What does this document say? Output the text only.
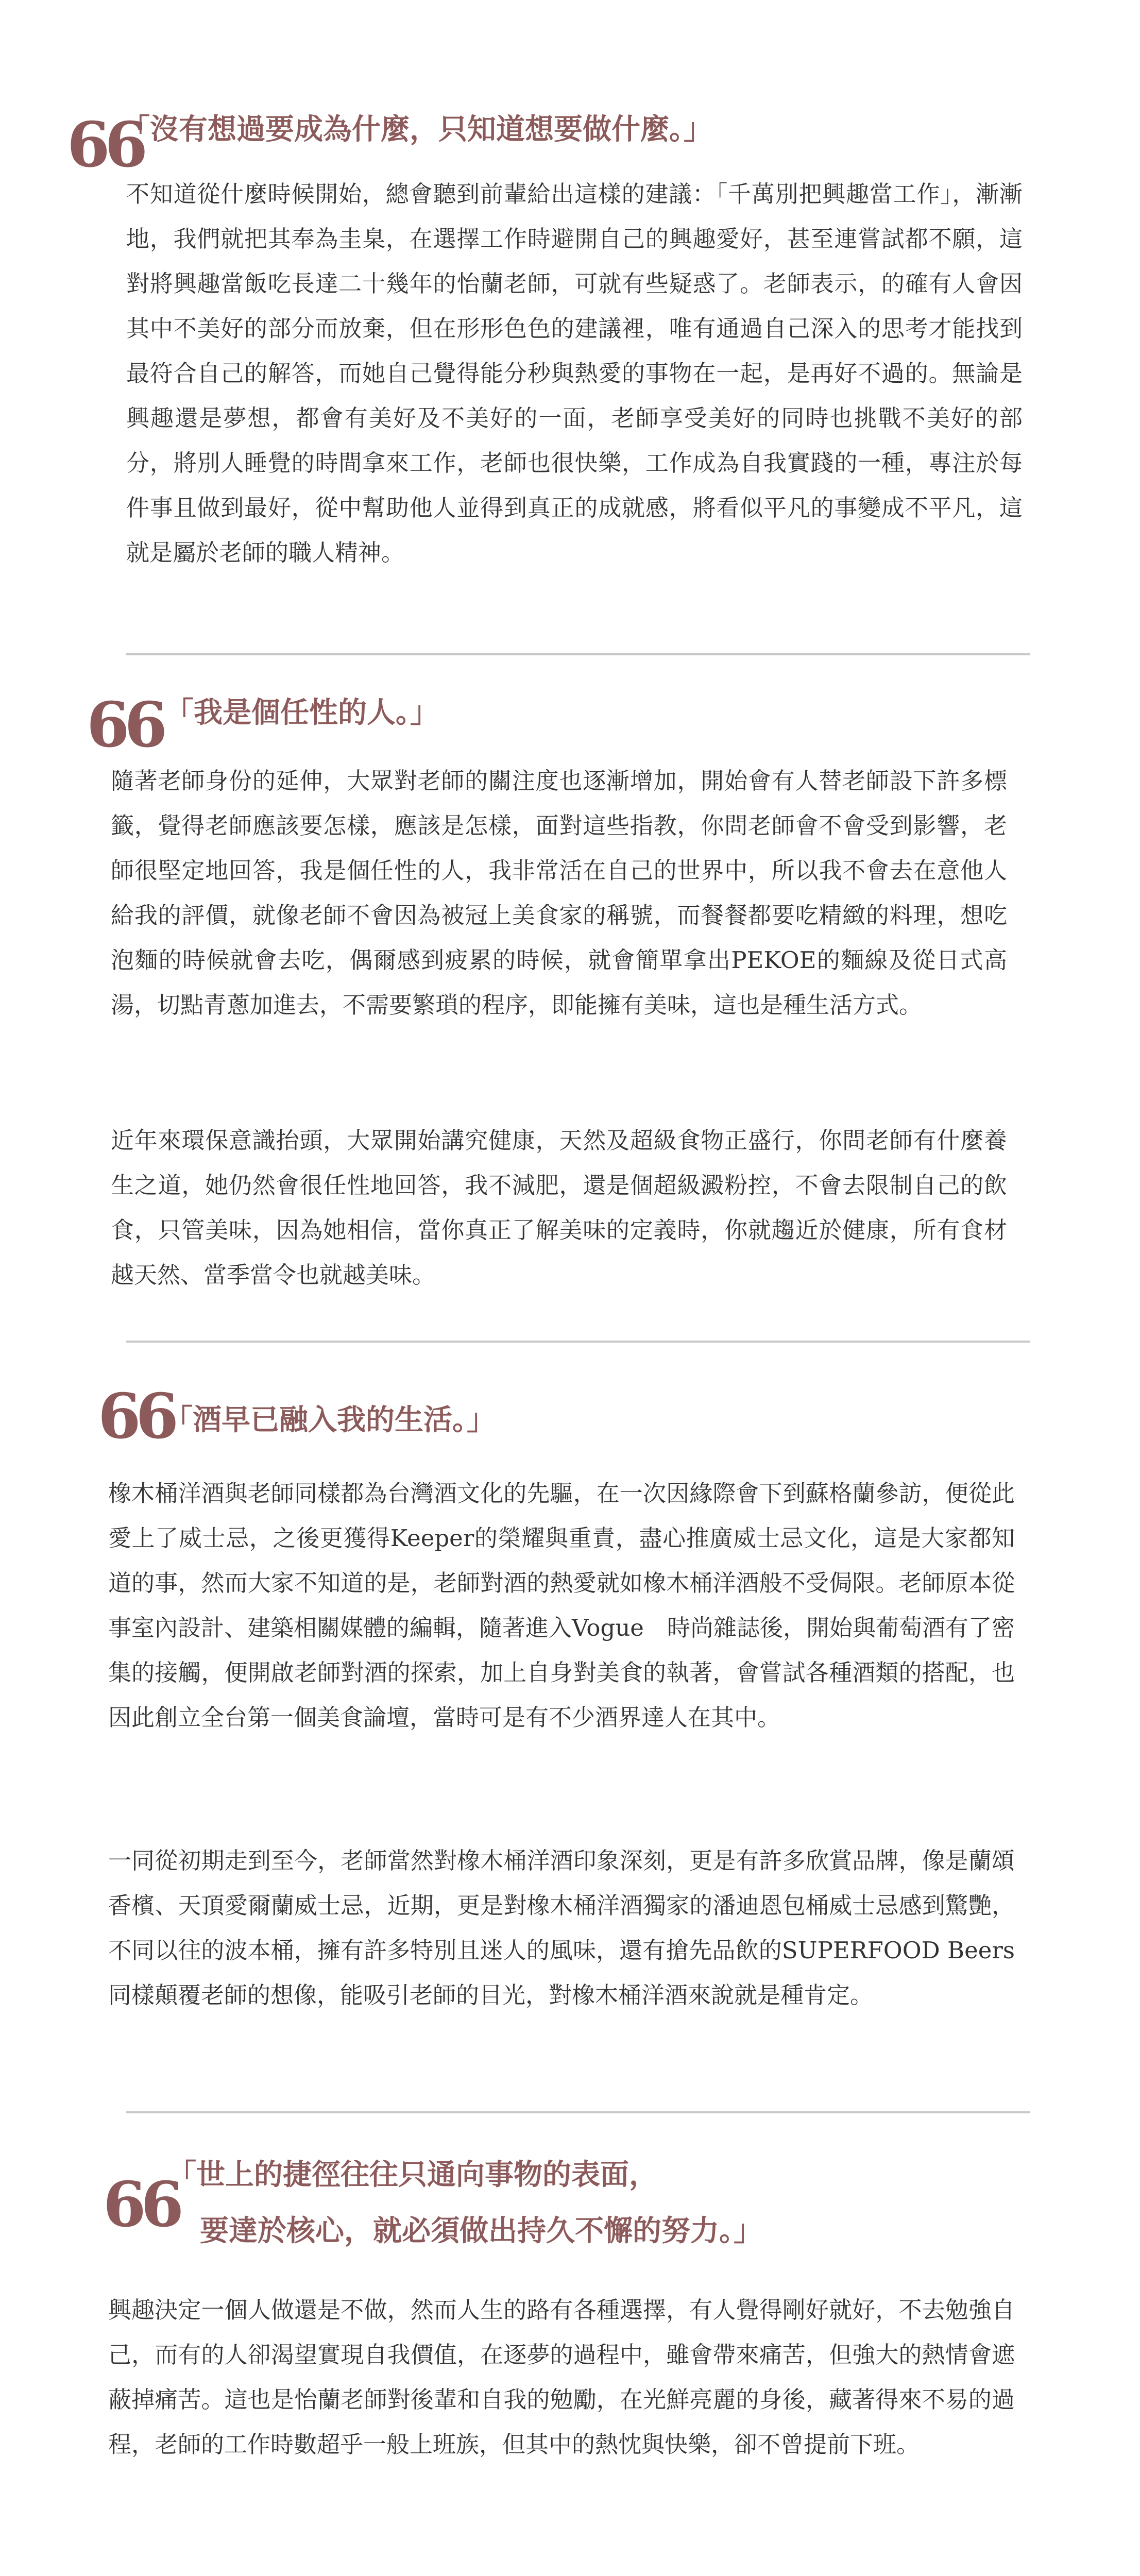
66
「沒有想過要成為什麼，只知道想要做什麼。」

不知道從什麼時候開始，總會聽到前輩給出這樣的建議：「千萬別把興趣當工作」，漸漸地，我們就把其奉為圭臬，在選擇工作時避開自己的興趣愛好，甚至連嘗試都不願，這對將興趣當飯吃長達二十幾年的怡蘭老師，可就有些疑惑了。老師表示，的確有人會因其中不美好的部分而放棄，但在形形色色的建議裡，唯有通過自己深入的思考才能找到最符合自己的解答，而她自己覺得能分秒與熱愛的事物在一起，是再好不過的。無論是興趣還是夢想，都會有美好及不美好的一面，老師享受美好的同時也挑戰不美好的部分，將別人睡覺的時間拿來工作，老師也很快樂，工作成為自我實踐的一種，專注於每件事且做到最好，從中幫助他人並得到真正的成就感，將看似平凡的事變成不平凡，這就是屬於老師的職人精神。

66 「我是個任性的人。」

隨著老師身份的延伸，大眾對老師的關注度也逐漸增加，開始會有人替老師設下許多標籤，覺得老師應該要怎樣，應該是怎樣，面對這些指教，你問老師會不會受到影響，老師很堅定地回答，我是個任性的人，我非常活在自己的世界中，所以我不會去在意他人給我的評價，就像老師不會因為被冠上美食家的稱號，而餐餐都要吃精緻的料理，想吃泡麵的時候就會去吃，偶爾感到疲累的時候，就會簡單拿出PEKOE的麵線及從日式高湯，切點青蔥加進去，不需要繁瑣的程序，即能擁有美味，這也是種生活方式。

近年來環保意識抬頭，大眾開始講究健康，天然及超級食物正盛行，你問老師有什麼養生之道，她仍然會很任性地回答，我不減肥，還是個超級澱粉控，不會去限制自己的飲食，只管美味，因為她相信，當你真正了解美味的定義時，你就趨近於健康，所有食材越天然、當季當令也就越美味。

66
「酒早已融入我的生活。」

橡木桶洋酒與老師同樣都為台灣酒文化的先驅，在一次因緣際會下到蘇格蘭參訪，便從此愛上了威士忌，之後更獲得Keeper的榮耀與重責，盡心推廣威士忌文化，這是大家都知道的事，然而大家不知道的是，老師對酒的熱愛就如橡木桶洋酒般不受侷限。老師原本從事室內設計、建築相關媒體的編輯，隨著進入Vogue　時尚雜誌後，開始與葡萄酒有了密集的接觸，便開啟老師對酒的探索，加上自身對美食的執著，會嘗試各種酒類的搭配，也因此創立全台第一個美食論壇，當時可是有不少酒界達人在其中。

一同從初期走到至今，老師當然對橡木桶洋酒印象深刻，更是有許多欣賞品牌，像是蘭頌香檳、天頂愛爾蘭威士忌，近期，更是對橡木桶洋酒獨家的潘迪恩包桶威士忌感到驚艷，不同以往的波本桶，擁有許多特別且迷人的風味，還有搶先品飲的SUPERFOOD Beers 同樣顛覆老師的想像，能吸引老師的目光，對橡木桶洋酒來說就是種肯定。

66
「世上的捷徑往往只通向事物的表面，
要達於核心，就必須做出持久不懈的努力。」

興趣決定一個人做還是不做，然而人生的路有各種選擇，有人覺得剛好就好，不去勉強自己，而有的人卻渴望實現自我價值，在逐夢的過程中，雖會帶來痛苦，但強大的熱情會遮蔽掉痛苦。這也是怡蘭老師對後輩和自我的勉勵，在光鮮亮麗的身後，藏著得來不易的過程，老師的工作時數超乎一般上班族，但其中的熱忱與快樂，卻不曾提前下班。
